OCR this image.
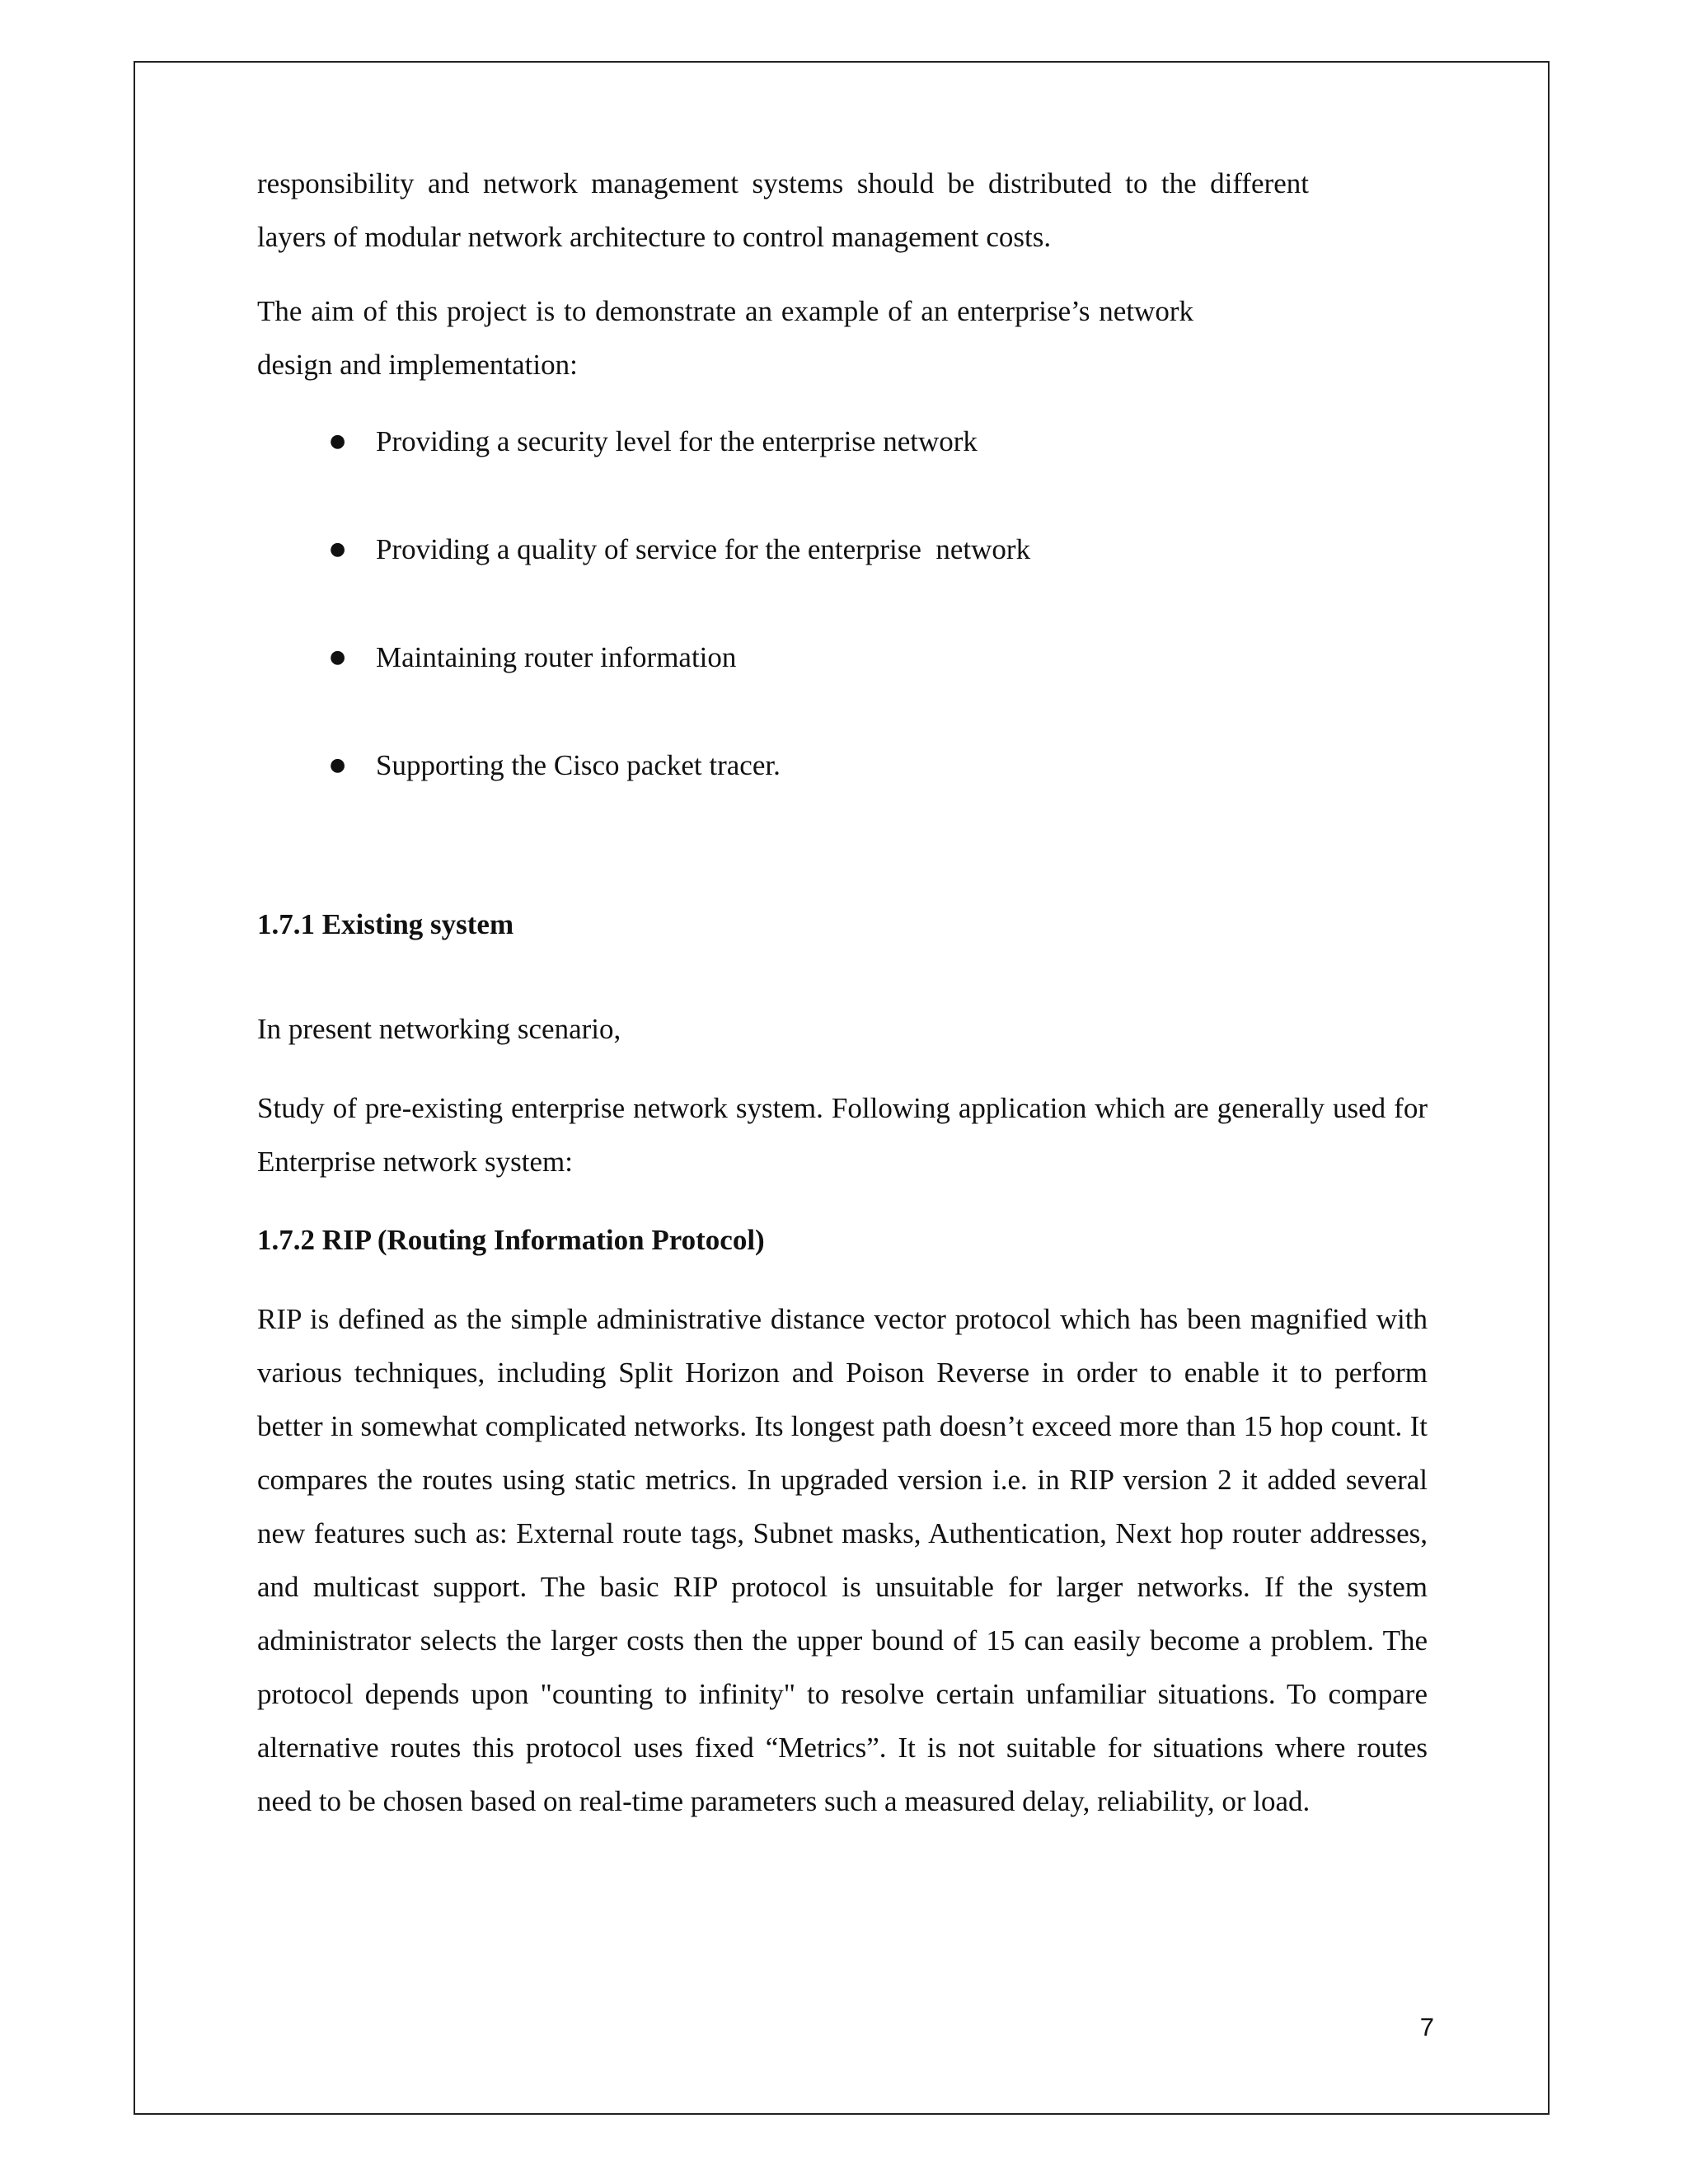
responsibility and network management systems should be distributed to the different layers of modular network architecture to control management costs.

The aim of this project is to demonstrate an example of an enterprise’s network design and implementation:

● Providing a security level for the enterprise network
● Providing a quality of service for the enterprise  network
● Maintaining router information
● Supporting the Cisco packet tracer.
1.7.1 Existing system

In present networking scenario,

Study of pre-existing enterprise network system. Following application which are generally used for Enterprise network system:

1.7.2 RIP (Routing Information Protocol)

RIP is defined as the simple administrative distance vector protocol which has been magnified with various techniques, including Split Horizon and Poison Reverse in order to enable it to perform better in somewhat complicated networks. Its longest path doesn’t exceed more than 15 hop count. It compares the routes using static metrics. In upgraded version i.e. in RIP version 2 it added several new features such as: External route tags, Subnet masks, Authentication, Next hop router addresses, and multicast support. The basic RIP protocol is unsuitable for larger networks. If the system administrator selects the larger costs then the upper bound of 15 can easily become a problem. The protocol depends upon "counting to infinity" to resolve certain unfamiliar situations. To compare alternative routes this protocol uses fixed “Metrics”. It is not suitable for situations where routes need to be chosen based on real-time parameters such a measured delay, reliability, or load.

7
